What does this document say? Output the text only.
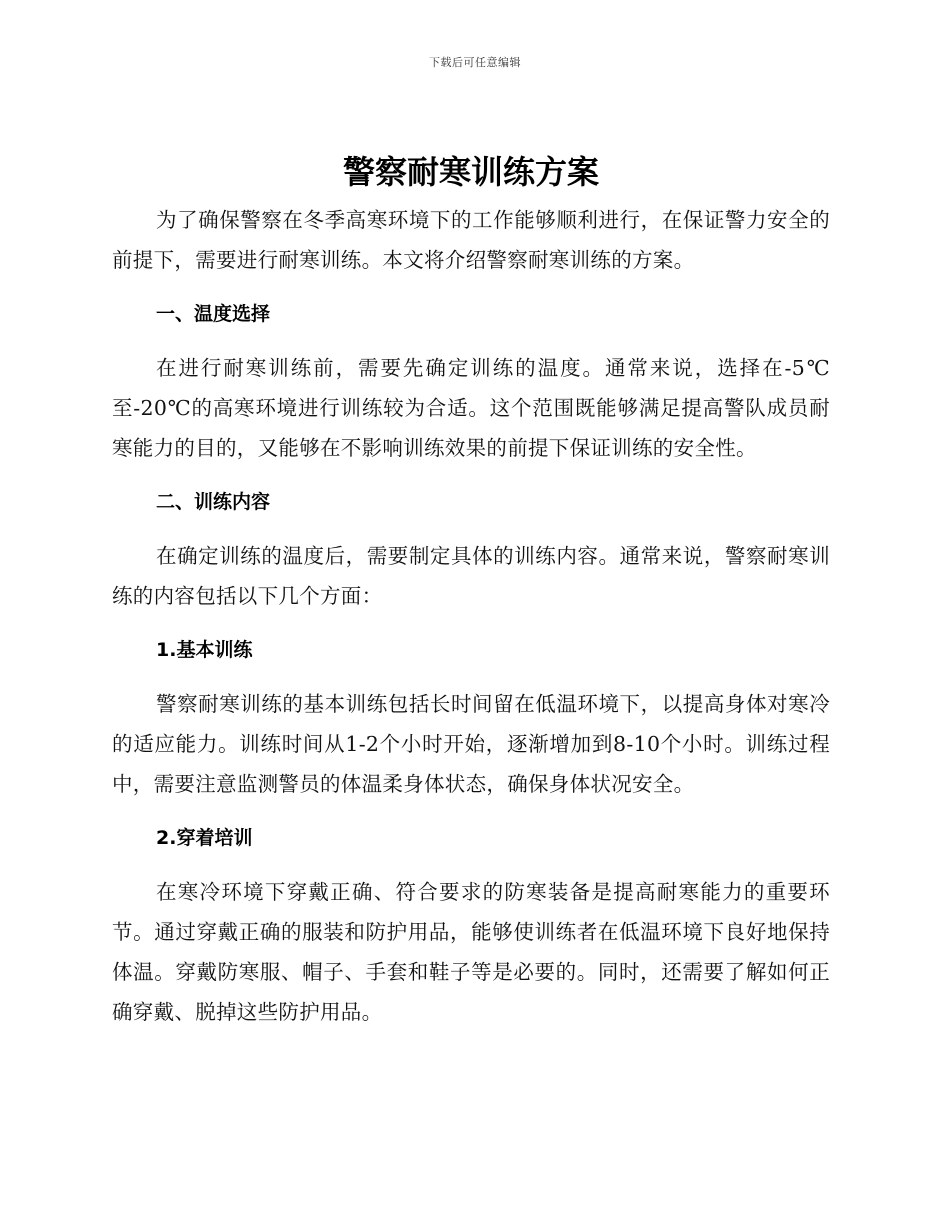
下载后可任意编辑
警察耐寒训练方案

为了确保警察在冬季高寒环境下的工作能够顺利进行，在保证警力安全的前提下，需要进行耐寒训练。本文将介绍警察耐寒训练的方案。

一、温度选择

在进行耐寒训练前，需要先确定训练的温度。通常来说，选择在-5℃至-20℃的高寒环境进行训练较为合适。这个范围既能够满足提高警队成员耐寒能力的目的，又能够在不影响训练效果的前提下保证训练的安全性。

二、训练内容

在确定训练的温度后，需要制定具体的训练内容。通常来说，警察耐寒训练的内容包括以下几个方面：

1.基本训练

警察耐寒训练的基本训练包括长时间留在低温环境下，以提高身体对寒冷的适应能力。训练时间从1-2个小时开始，逐渐增加到8-10个小时。训练过程中，需要注意监测警员的体温柔身体状态，确保身体状况安全。

2.穿着培训

在寒冷环境下穿戴正确、符合要求的防寒装备是提高耐寒能力的重要环节。通过穿戴正确的服装和防护用品，能够使训练者在低温环境下良好地保持体温。穿戴防寒服、帽子、手套和鞋子等是必要的。同时，还需要了解如何正确穿戴、脱掉这些防护用品。
